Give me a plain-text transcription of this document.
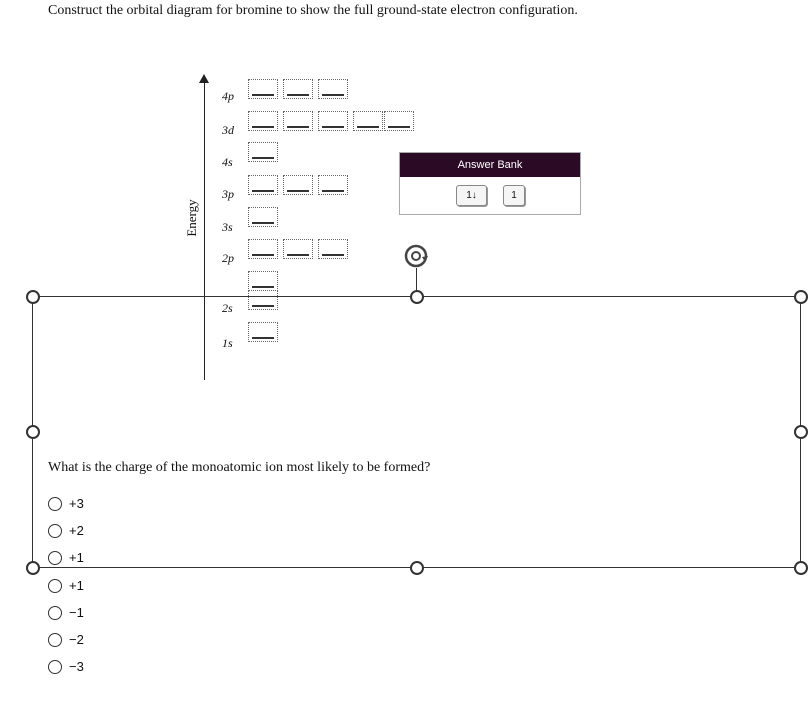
Construct the orbital diagram for bromine to show the full ground-state electron configuration.
Energy
4p
3d
4s
3p
3s
2p
2s
1s
Answer Bank
1↓	1
What is the charge of the monoatomic ion most likely to be formed?
+3
+2
+1
+1
−1
−2
−3
